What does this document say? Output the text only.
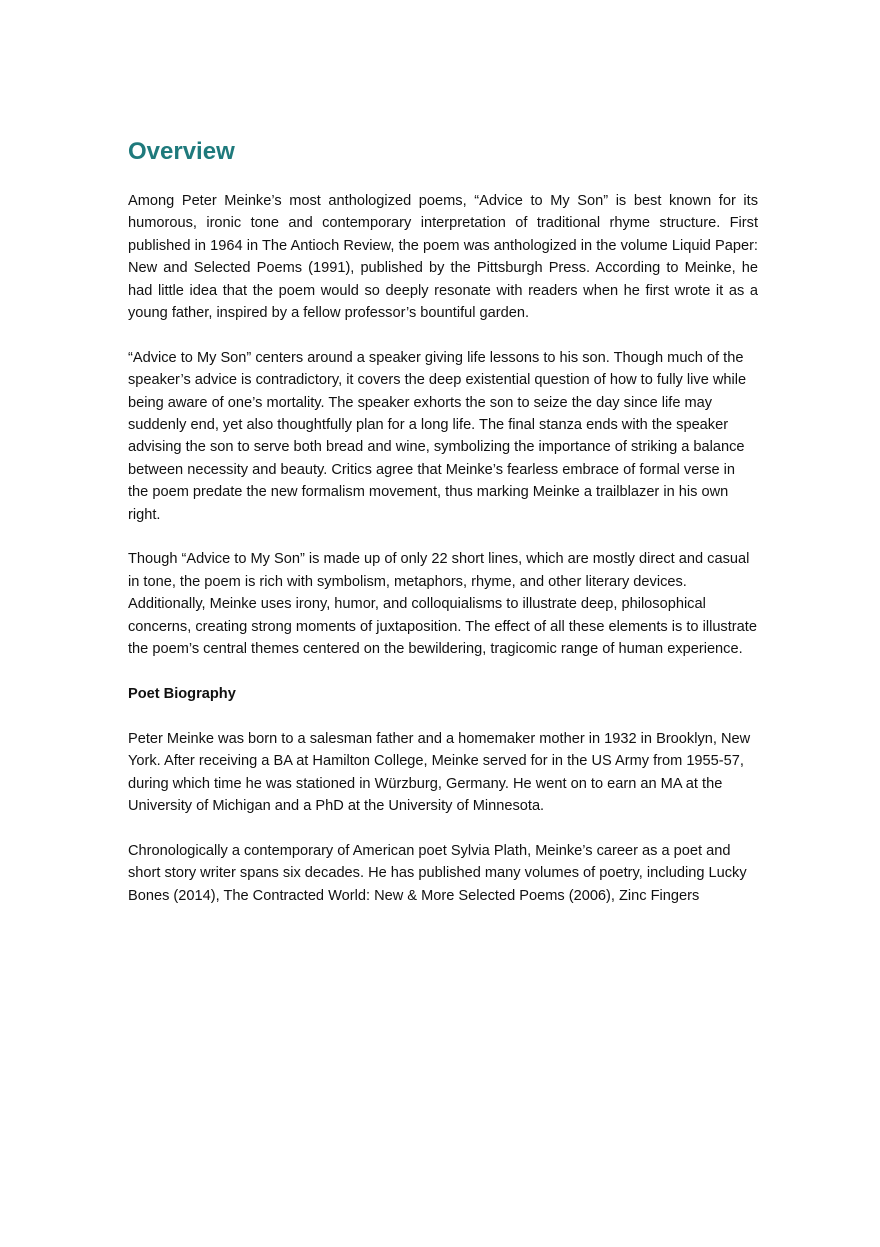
Overview

Among Peter Meinke’s most anthologized poems, “Advice to My Son” is best known for its humorous, ironic tone and contemporary interpretation of traditional rhyme structure. First published in 1964 in The Antioch Review, the poem was anthologized in the volume Liquid Paper: New and Selected Poems (1991), published by the Pittsburgh Press. According to Meinke, he had little idea that the poem would so deeply resonate with readers when he first wrote it as a young father, inspired by a fellow professor’s bountiful garden.

“Advice to My Son” centers around a speaker giving life lessons to his son. Though much of the speaker’s advice is contradictory, it covers the deep existential question of how to fully live while being aware of one’s mortality. The speaker exhorts the son to seize the day since life may suddenly end, yet also thoughtfully plan for a long life. The final stanza ends with the speaker advising the son to serve both bread and wine, symbolizing the importance of striking a balance between necessity and beauty. Critics agree that Meinke’s fearless embrace of formal verse in the poem predate the new formalism movement, thus marking Meinke a trailblazer in his own right.

Though “Advice to My Son” is made up of only 22 short lines, which are mostly direct and casual in tone, the poem is rich with symbolism, metaphors, rhyme, and other literary devices. Additionally, Meinke uses irony, humor, and colloquialisms to illustrate deep, philosophical concerns, creating strong moments of juxtaposition. The effect of all these elements is to illustrate the poem’s central themes centered on the bewildering, tragicomic range of human experience.

Poet Biography

Peter Meinke was born to a salesman father and a homemaker mother in 1932 in Brooklyn, New York. After receiving a BA at Hamilton College, Meinke served for in the US Army from 1955-57, during which time he was stationed in Würzburg, Germany. He went on to earn an MA at the University of Michigan and a PhD at the University of Minnesota.

Chronologically a contemporary of American poet Sylvia Plath, Meinke’s career as a poet and short story writer spans six decades. He has published many volumes of poetry, including Lucky Bones (2014), The Contracted World: New & More Selected Poems (2006), Zinc Fingers
